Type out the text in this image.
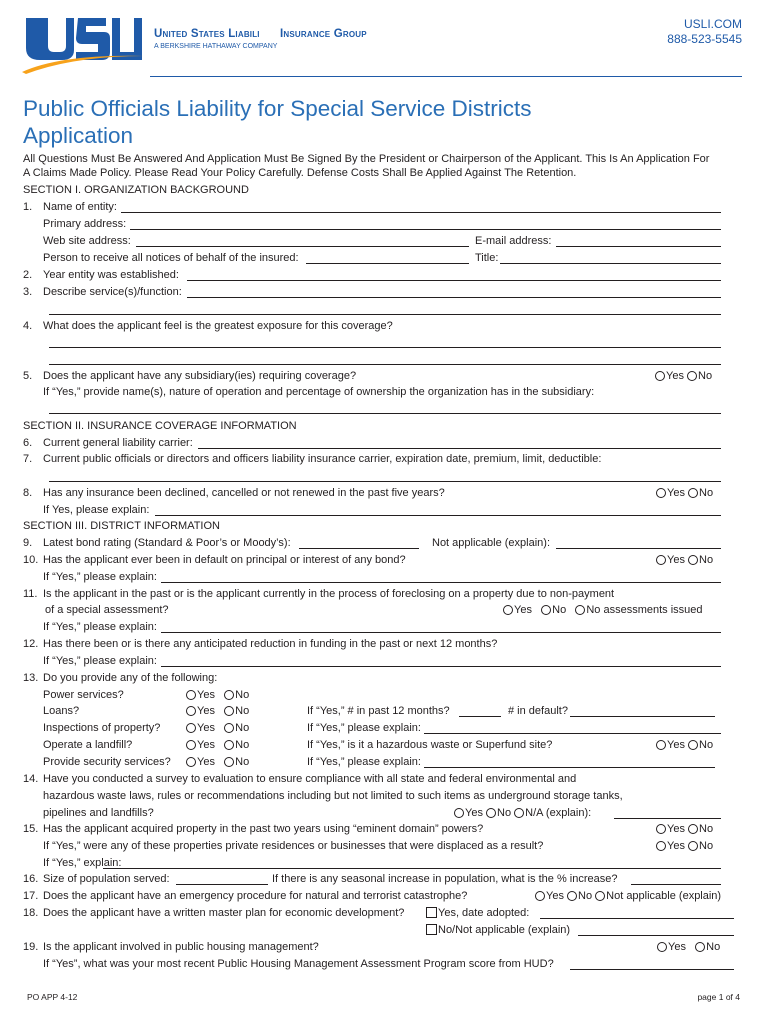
United States Liabili Insurance Group
A BERKSHIRE HATHAWAY COMPANY
USLI.COM
888-523-5545
Public Officials Liability for Special Service Districts
Application
All Questions Must Be Answered And Application Must Be Signed By the President or Chairperson of the Applicant. This Is An Application For
A Claims Made Policy. Please Read Your Policy Carefully. Defense Costs Shall Be Applied Against The Retention.
SECTION I. ORGANIZATION BACKGROUND
1. Name of entity:
Primary address:
Web site address:	E-mail address:
Person to receive all notices of behalf of the insured:	Title:
2. Year entity was established:
3. Describe service(s)/function:
4. What does the applicant feel is the greatest exposure for this coverage?
5. Does the applicant have any subsidiary(ies) requiring coverage?	Yes No
If “Yes,” provide name(s), nature of operation and percentage of ownership the organization has in the subsidiary:
SECTION II. INSURANCE COVERAGE INFORMATION
6. Current general liability carrier:
7. Current public officials or directors and officers liability insurance carrier, expiration date, premium, limit, deductible:
8. Has any insurance been declined, cancelled or not renewed in the past five years?	Yes No
If Yes, please explain:
SECTION III. DISTRICT INFORMATION
9. Latest bond rating (Standard & Poor’s or Moody’s):	Not applicable (explain):
10. Has the applicant ever been in default on principal or interest of any bond?	Yes No
If “Yes,” please explain:
11. Is the applicant in the past or is the applicant currently in the process of foreclosing on a property due to non-payment
of a special assessment?	Yes No No assessments issued
If “Yes,” please explain:
12. Has there been or is there any anticipated reduction in funding in the past or next 12 months?
If “Yes,” please explain:
13. Do you provide any of the following:
Power services?	Yes No
Loans?	Yes No	If “Yes,” # in past 12 months?	# in default?
Inspections of property?	Yes No	If “Yes,” please explain:
Operate a landfill?	Yes No	If “Yes,” is it a hazardous waste or Superfund site?	Yes No
Provide security services?	Yes No	If “Yes,” please explain:
14. Have you conducted a survey to evaluation to ensure compliance with all state and federal environmental and
hazardous waste laws, rules or recommendations including but not limited to such items as underground storage tanks,
pipelines and landfills?	Yes No N/A (explain):
15. Has the applicant acquired property in the past two years using “eminent domain” powers?	Yes No
If “Yes,” were any of these properties private residences or businesses that were displaced as a result?	Yes No
If “Yes,” explain:
16. Size of population served:	If there is any seasonal increase in population, what is the % increase?
17. Does the applicant have an emergency procedure for natural and terrorist catastrophe?	Yes No Not applicable (explain)
18. Does the applicant have a written master plan for economic development?	Yes, date adopted:
No/Not applicable (explain)
19. Is the applicant involved in public housing management?	Yes No
If “Yes”, what was your most recent Public Housing Management Assessment Program score from HUD?
PO APP 4-12	page 1 of 4
